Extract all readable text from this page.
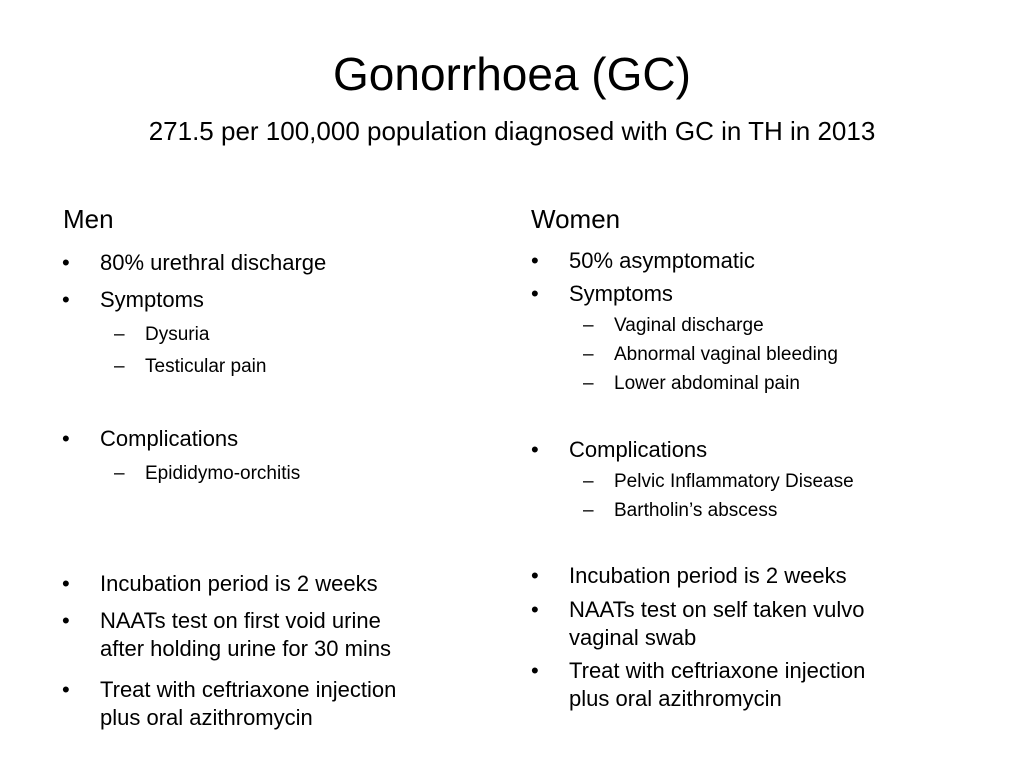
Gonorrhoea (GC)
271.5 per 100,000 population diagnosed with GC in TH in 2013
Men
• 80% urethral discharge
• Symptoms
– Dysuria
– Testicular pain
• Complications
– Epididymo-orchitis
• Incubation period is 2 weeks
• NAATs test on first void urine
after holding urine for 30 mins
• Treat with ceftriaxone injection
plus oral azithromycin
Women
• 50% asymptomatic
• Symptoms
– Vaginal discharge
– Abnormal vaginal bleeding
– Lower abdominal pain
• Complications
– Pelvic Inflammatory Disease
– Bartholin’s abscess
• Incubation period is 2 weeks
• NAATs test on self taken vulvo
vaginal swab
• Treat with ceftriaxone injection
plus oral azithromycin
